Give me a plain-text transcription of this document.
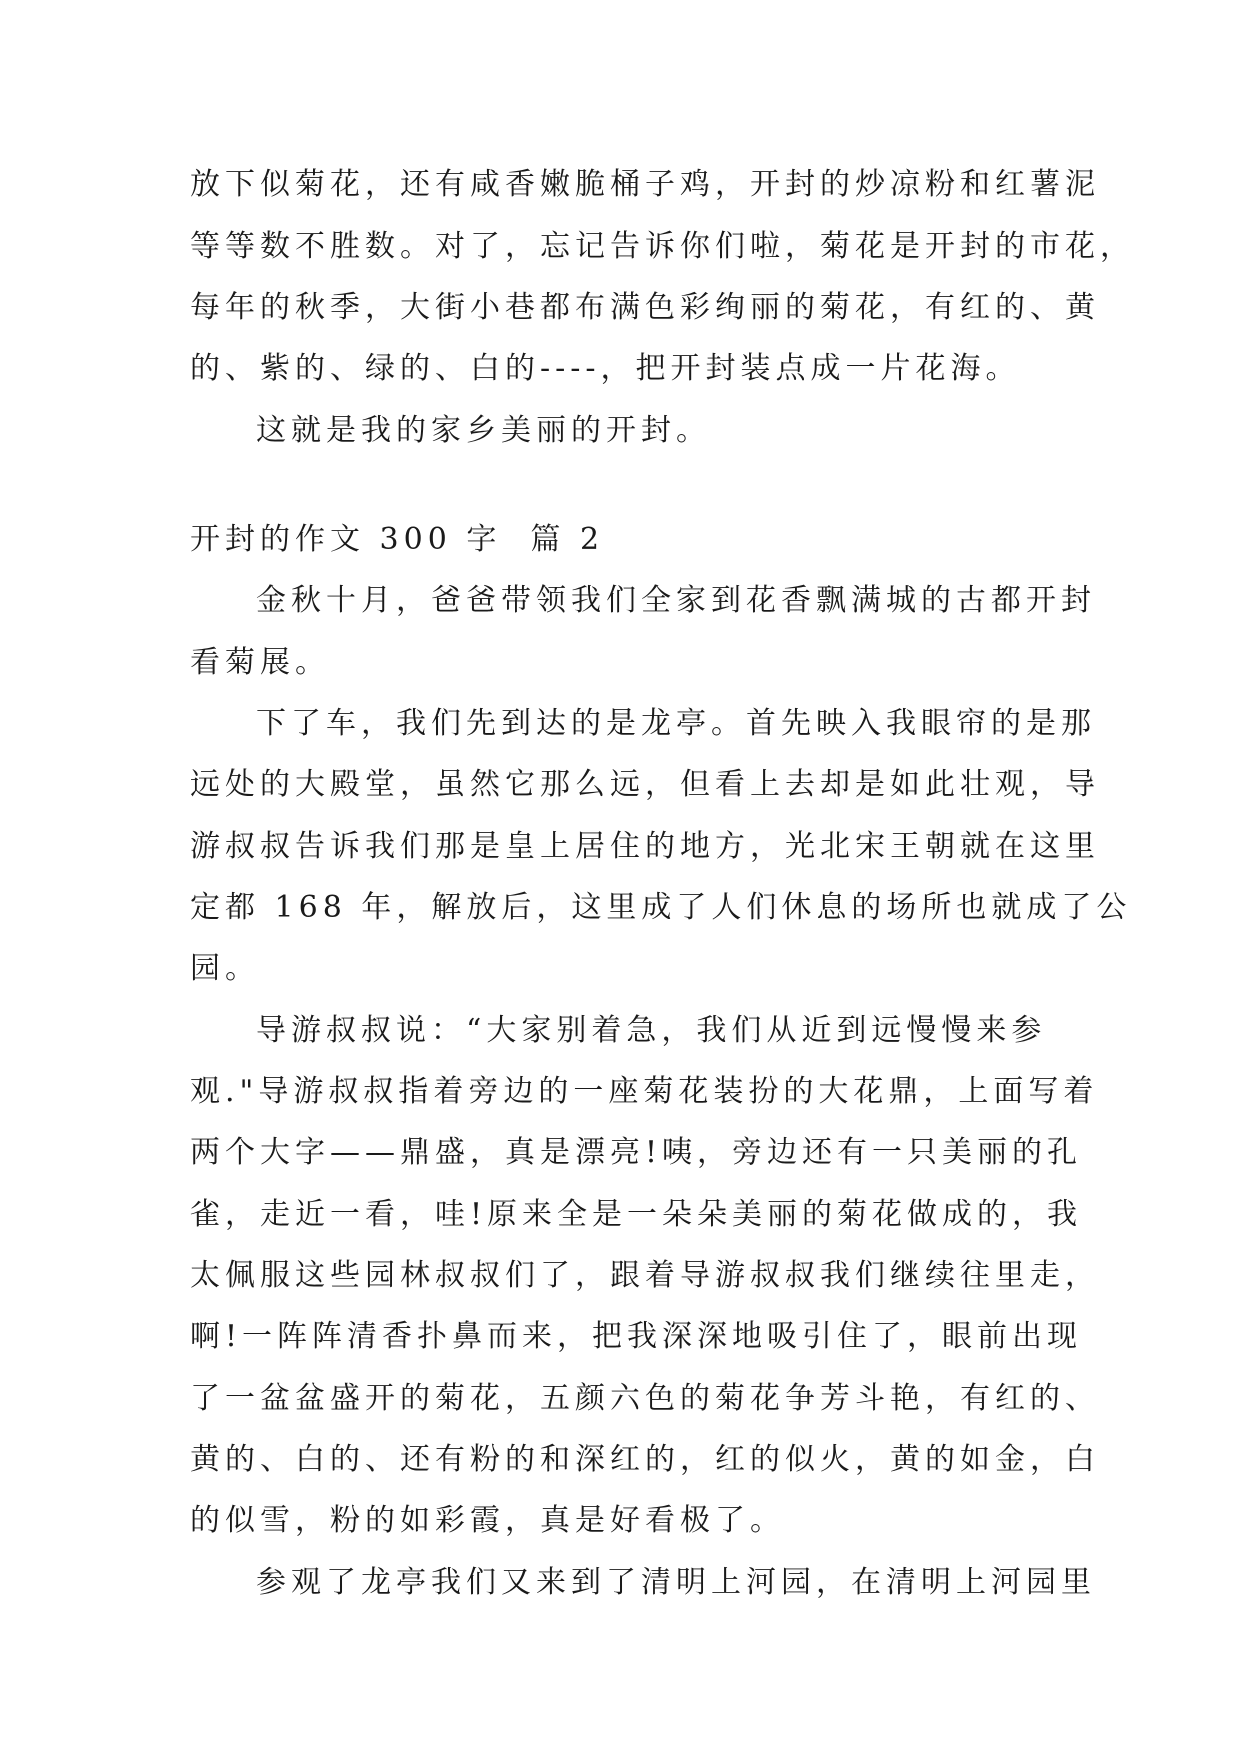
放下似菊花，还有咸香嫩脆桶子鸡，开封的炒凉粉和红薯泥
等等数不胜数。对了，忘记告诉你们啦，菊花是开封的市花，
每年的秋季，大街小巷都布满色彩绚丽的菊花，有红的、黄
的、紫的、绿的、白的----，把开封装点成一片花海。
这就是我的家乡美丽的开封。
开封的作文 300 字  篇 2
金秋十月，爸爸带领我们全家到花香飘满城的古都开封
看菊展。
下了车，我们先到达的是龙亭。首先映入我眼帘的是那
远处的大殿堂，虽然它那么远，但看上去却是如此壮观，导
游叔叔告诉我们那是皇上居住的地方，光北宋王朝就在这里
定都 168 年，解放后，这里成了人们休息的场所也就成了公
园。
导游叔叔说：“大家别着急，我们从近到远慢慢来参
观."导游叔叔指着旁边的一座菊花装扮的大花鼎，上面写着
两个大字——鼎盛，真是漂亮!咦，旁边还有一只美丽的孔
雀，走近一看，哇!原来全是一朵朵美丽的菊花做成的，我
太佩服这些园林叔叔们了，跟着导游叔叔我们继续往里走，
啊!一阵阵清香扑鼻而来，把我深深地吸引住了，眼前出现
了一盆盆盛开的菊花，五颜六色的菊花争芳斗艳，有红的、
黄的、白的、还有粉的和深红的，红的似火，黄的如金，白
的似雪，粉的如彩霞，真是好看极了。
参观了龙亭我们又来到了清明上河园，在清明上河园里
